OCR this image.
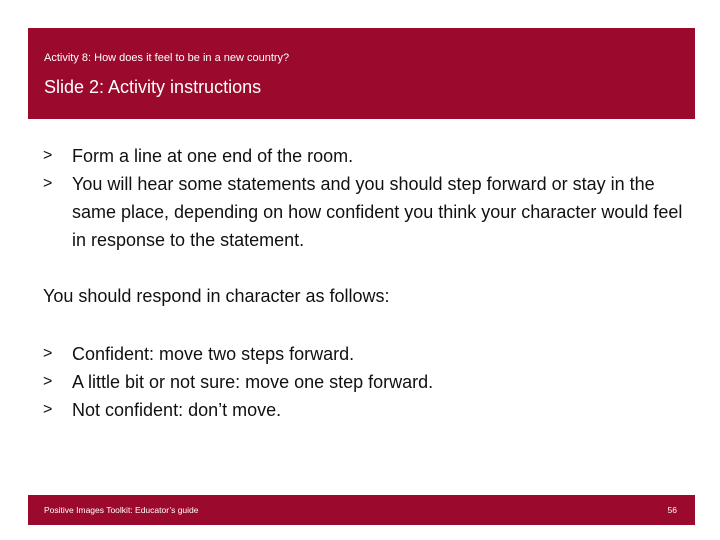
Activity 8: How does it feel to be in a new country?
Slide 2: Activity instructions
>	Form a line at one end of the room.
>	You will hear some statements and you should step forward or stay in the same place, depending on how confident you think your character would feel in response to the statement.

You should respond in character as follows:

>	Confident: move two steps forward.
>	A little bit or not sure: move one step forward.
>	Not confident: don’t move.
Positive Images Toolkit: Educator’s guide	56
